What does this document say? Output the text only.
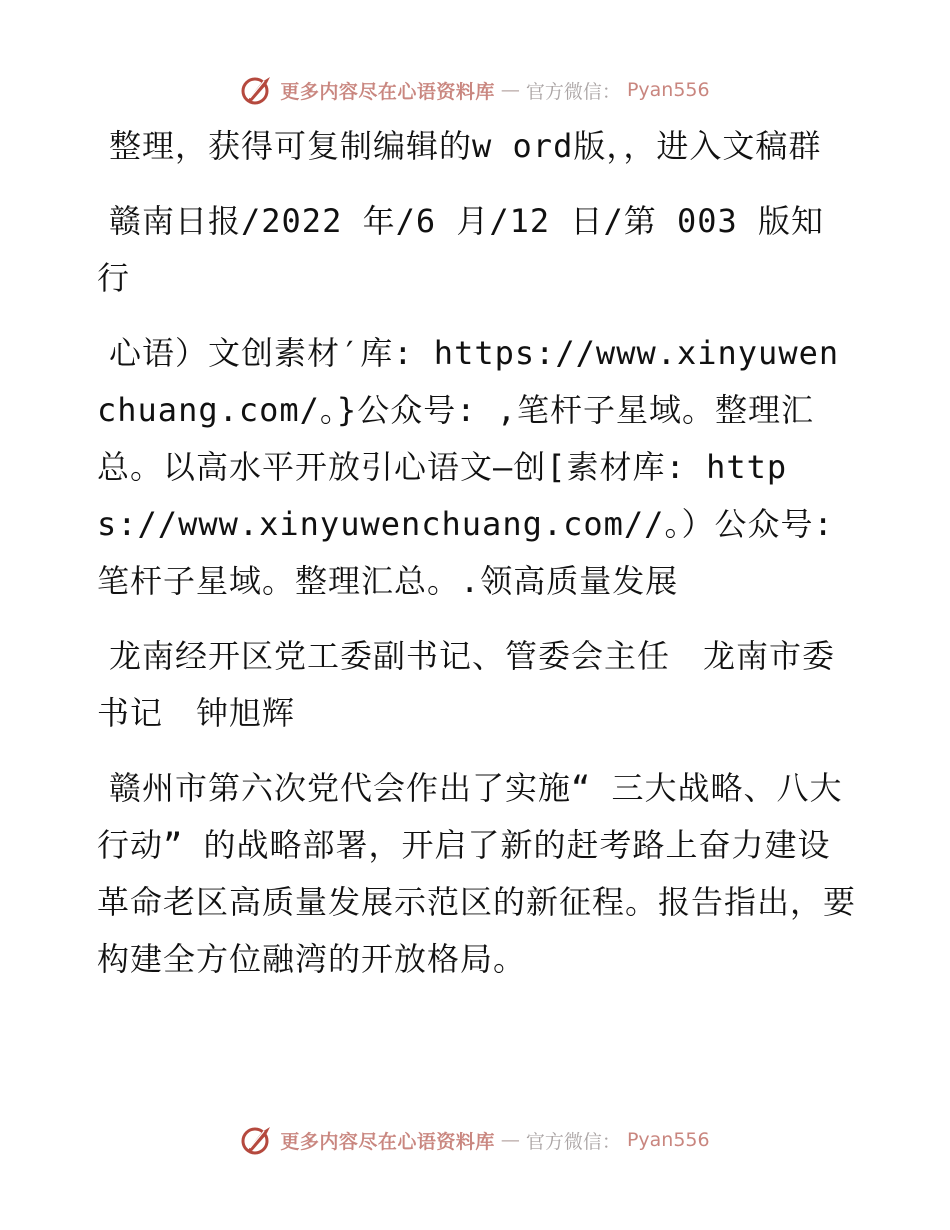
更多内容尽在心语资料库 — 官方微信： Pyan556

整理，获得可复制编辑的w ord版，，进入文稿群

赣南日报/2022 年/6 月/12 日/第 003 版知行

心语）文创素材′库: https://www.xinyuwenchuang.com/。}公众号: ,笔杆子星域。整理汇总。以高水平开放引心语文—创[素材库: https://www.xinyuwenchuang.com//。）公众号: 笔杆子星域。整理汇总。.领高质量发展

龙南经开区党工委副书记、管委会主任　龙南市委书记　钟旭辉

赣州市第六次党代会作出了实施“ 三大战略、八大行动” 的战略部署，开启了新的赶考路上奋力建设革命老区高质量发展示范区的新征程。报告指出，要构建全方位融湾的开放格局。

更多内容尽在心语资料库 — 官方微信： Pyan556
